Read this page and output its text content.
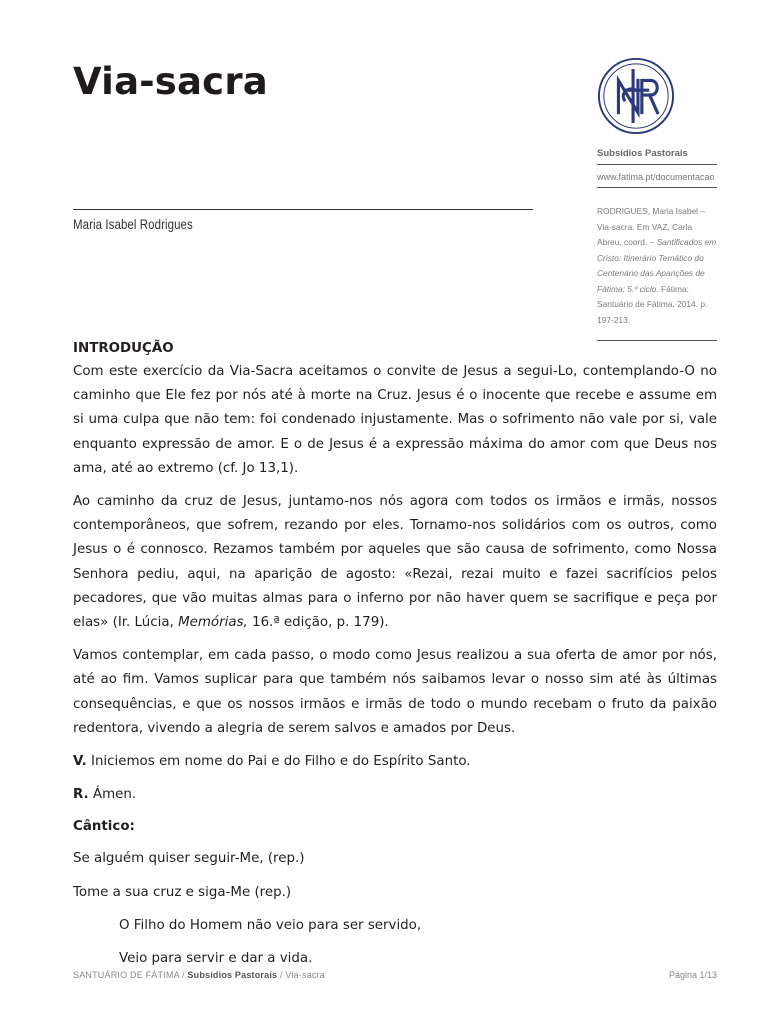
Via-sacra
Maria Isabel Rodrigues
Subsídios Pastorais
www.fatima.pt/documentacao
RODRIGUES, Maria Isabel – Via-sacra. Em VAZ, Carla Abreu, coord. – Santificados em Cristo: Itinerário Temático do Centenário das Aparições de Fátima: 5.º ciclo. Fátima: Santuário de Fátima, 2014. p. 197-213.
INTRODUÇÃO

Com este exercício da Via-Sacra aceitamos o convite de Jesus a segui-Lo, contemplando-O no caminho que Ele fez por nós até à morte na Cruz. Jesus é o inocente que recebe e assume em si uma culpa que não tem: foi condenado injustamente. Mas o sofrimento não vale por si, vale enquanto expressão de amor. E o de Jesus é a expressão máxima do amor com que Deus nos ama, até ao extremo (cf. Jo 13,1).

Ao caminho da cruz de Jesus, juntamo-nos nós agora com todos os irmãos e irmãs, nossos contemporâneos, que sofrem, rezando por eles. Tornamo-nos solidários com os outros, como Jesus o é connosco. Rezamos também por aqueles que são causa de sofrimento, como Nossa Senhora pediu, aqui, na aparição de agosto: «Rezai, rezai muito e fazei sacrifícios pelos pecadores, que vão muitas almas para o inferno por não haver quem se sacrifique e peça por elas» (Ir. Lúcia, Memórias, 16.ª edição, p. 179).

Vamos contemplar, em cada passo, o modo como Jesus realizou a sua oferta de amor por nós, até ao fim. Vamos suplicar para que também nós saibamos levar o nosso sim até às últimas consequências, e que os nossos irmãos e irmãs de todo o mundo recebam o fruto da paixão redentora, vivendo a alegria de serem salvos e amados por Deus.

V. Iniciemos em nome do Pai e do Filho e do Espírito Santo.

R. Ámen.

Cântico:

Se alguém quiser seguir-Me, (rep.)

Tome a sua cruz e siga-Me (rep.)

O Filho do Homem não veio para ser servido,

Veio para servir e dar a vida.

SANTUÁRIO DE FÁTIMA / Subsídios Pastorais / Via-sacra	Página 1/13
